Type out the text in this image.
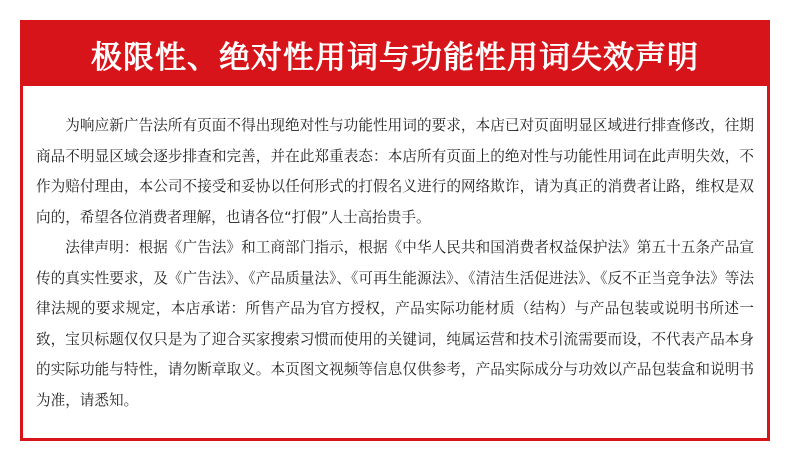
极限性、绝对性用词与功能性用词失效声明

为响应新广告法所有页面不得出现绝对性与功能性用词的要求，本店已对页面明显区域进行排查修改，往期商品不明显区域会逐步排查和完善，并在此郑重表态：本店所有页面上的绝对性与功能性用词在此声明失效，不作为赔付理由，本公司不接受和妥协以任何形式的打假名义进行的网络欺诈，请为真正的消费者让路，维权是双向的，希望各位消费者理解，也请各位“打假”人士高抬贵手。

法律声明：根据《广告法》和工商部门指示，根据《中华人民共和国消费者权益保护法》第五十五条产品宣传的真实性要求，及《广告法》、《产品质量法》、《可再生能源法》、《清洁生活促进法》、《反不正当竞争法》等法律法规的要求规定，本店承诺：所售产品为官方授权，产品实际功能材质（结构）与产品包装或说明书所述一致，宝贝标题仅仅只是为了迎合买家搜索习惯而使用的关键词，纯属运营和技术引流需要而设，不代表产品本身的实际功能与特性，请勿断章取义。本页图文视频等信息仅供参考，产品实际成分与功效以产品包装盒和说明书为准，请悉知。
